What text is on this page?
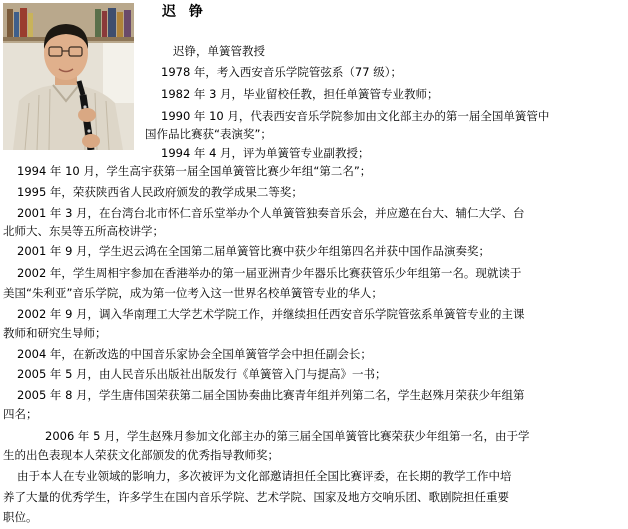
迟 铮
迟铮，单簧管教授
1978 年，考入西安音乐学院管弦系（77 级）；
1982 年 3 月，毕业留校任教，担任单簧管专业教师；
1990 年 10 月，代表西安音乐学院参加由文化部主办的第一届全国单簧管中
国作品比赛获“表演奖”；
1994 年 4 月，评为单簧管专业副教授；
1994 年 10 月，学生高宇获第一届全国单簧管比赛少年组“第二名”；
1995 年，荣获陕西省人民政府颁发的教学成果二等奖；
2001 年 3 月，在台湾台北市怀仁音乐堂举办个人单簧管独奏音乐会，并应邀在台大、辅仁大学、台
北师大、东吴等五所高校讲学；
2001 年 9 月，学生迟云鸿在全国第二届单簧管比赛中获少年组第四名并获中国作品演奏奖；
2002 年，学生周相宇参加在香港举办的第一届亚洲青少年器乐比赛获管乐少年组第一名。现就读于
美国“朱利亚”音乐学院，成为第一位考入这一世界名校单簧管专业的华人；
2002 年 9 月，调入华南理工大学艺术学院工作，并继续担任西安音乐学院管弦系单簧管专业的主课
教师和研究生导师；
2004 年，在新改选的中国音乐家协会全国单簧管学会中担任副会长；
2005 年 5 月，由人民音乐出版社出版发行《单簧管入门与提高》一书；
2005 年 8 月，学生唐伟国荣获第二届全国协奏曲比赛青年组并列第二名，学生赵殊月荣获少年组第
四名；
2006 年 5 月，学生赵殊月参加文化部主办的第三届全国单簧管比赛荣获少年组第一名，由于学
生的出色表现本人荣获文化部颁发的优秀指导教师奖；
由于本人在专业领域的影响力，多次被评为文化部邀请担任全国比赛评委，在长期的教学工作中培
养了大量的优秀学生，许多学生在国内音乐学院、艺术学院、国家及地方交响乐团、歌剧院担任重要
职位。
